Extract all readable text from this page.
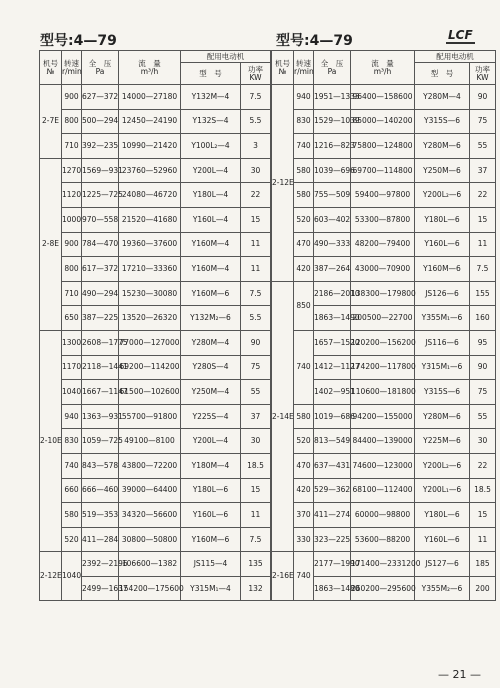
型号:4—79	型号:4—79	LCF
机号
№	转速
r/min	全　压
Pa	流　量
m³/h	配用电动机	
				型　号	功率
KW
2-7E	900	627—372	14000—27180	Y132M—4	7.5
	800	500—294	12450—24190	Y132S—4	5.5
	710	392—235	10990—21420	Y100L₂—4	3
2-8E	1270	1569—931	23760—52960	Y200L—4	30
	1120	1225—725	24080—46720	Y180L—4	22
	1000	970—558	21520—41680	Y160L—4	15
	900	784—470	19360—37600	Y160M—4	11
	800	617—372	17210—33360	Y160M—4	11
	710	490—294	15230—30080	Y160M—6	7.5
	650	387—225	13520—26320	Y132M₂—6	5.5
2-10E	1300	2608—1775	77000—127000	Y280M—4	90
	1170	2118—1441	69200—114200	Y280S—4	75
	1040	1667—1147	61500—102600	Y250M—4	55
	940	1363—931	55700—91800	Y225S—4	37
	830	1059—725	49100—8100	Y200L—4	30
	740	843—578	43800—72200	Y180M—4	18.5
	660	666—460	39000—64400	Y180L—6	15
	580	519—353	34320—56600	Y160L—6	11
	520	411—284	30800—50800	Y160M—6	7.5
2-12E	1040	2392—2196	106600—1382	JS115—4	135
		2499—1637	154200—175600	Y315M₁—4	132
机号
№	转速
r/min	全　压
Pa	流　量
m³/h	配用电动机	
				型　号	功率
KW
2-12E	940	1951—1333	96400—158600	Y280M—4	90
	830	1529—1039	85000—140200	Y315S—6	75
	740	1216—823	75800—124800	Y280M—6	55
	580	1039—696	69700—114800	Y250M—6	37
	580	755—509	59400—97800	Y200L₂—6	22
	520	603—402	53300—87800	Y180L—6	15
	470	490—333	48200—79400	Y160L—6	11
	420	387—264	43000—70900	Y160M—6	7.5
2-14E	850	2186—2010	138300—179800	JS126—6	155
		1863—1490	200500—22700	Y355M₁—6	160
	740	1657—1520	120200—156200	JS116—6	95
		1412—1127	174200—117800	Y315M₁—6	90
		1402—951	110600—181800	Y315S—6	75
	580	1019—686	94200—155000	Y280M—6	55
	520	813—549	84400—139000	Y225M—6	30
	470	637—431	74600—123000	Y200L₂—6	22
	420	529—362	68100—112400	Y200L₁—6	18.5
	370	411—274	60000—98800	Y180L—6	15
	330	323—225	53600—88200	Y160L—6	11
2-16E	740	2177—1990	171400—2331200	JS127—6	185
		1863—1480	260200—295600	Y355M₂—6	200
— 21 —
